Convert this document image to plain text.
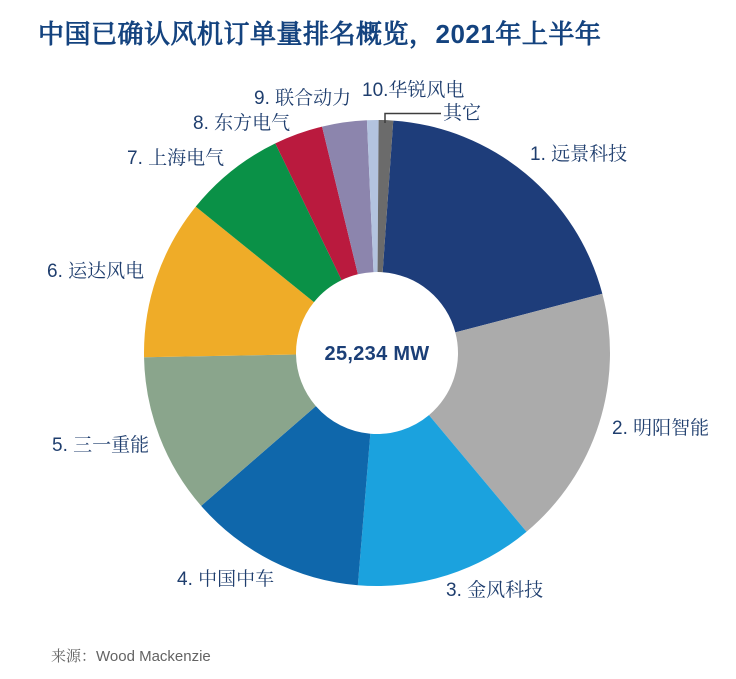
中国已确认风机订单量排名概览，2021年上半年
1. 远景科技
2. 明阳智能
3. 金风科技
4. 中国中车
5. 三一重能
6. 运达风电
7. 上海电气
8. 东方电气
9. 联合动力 10.华锐风电
其它
25,234 MW
来源：Wood Mackenzie
